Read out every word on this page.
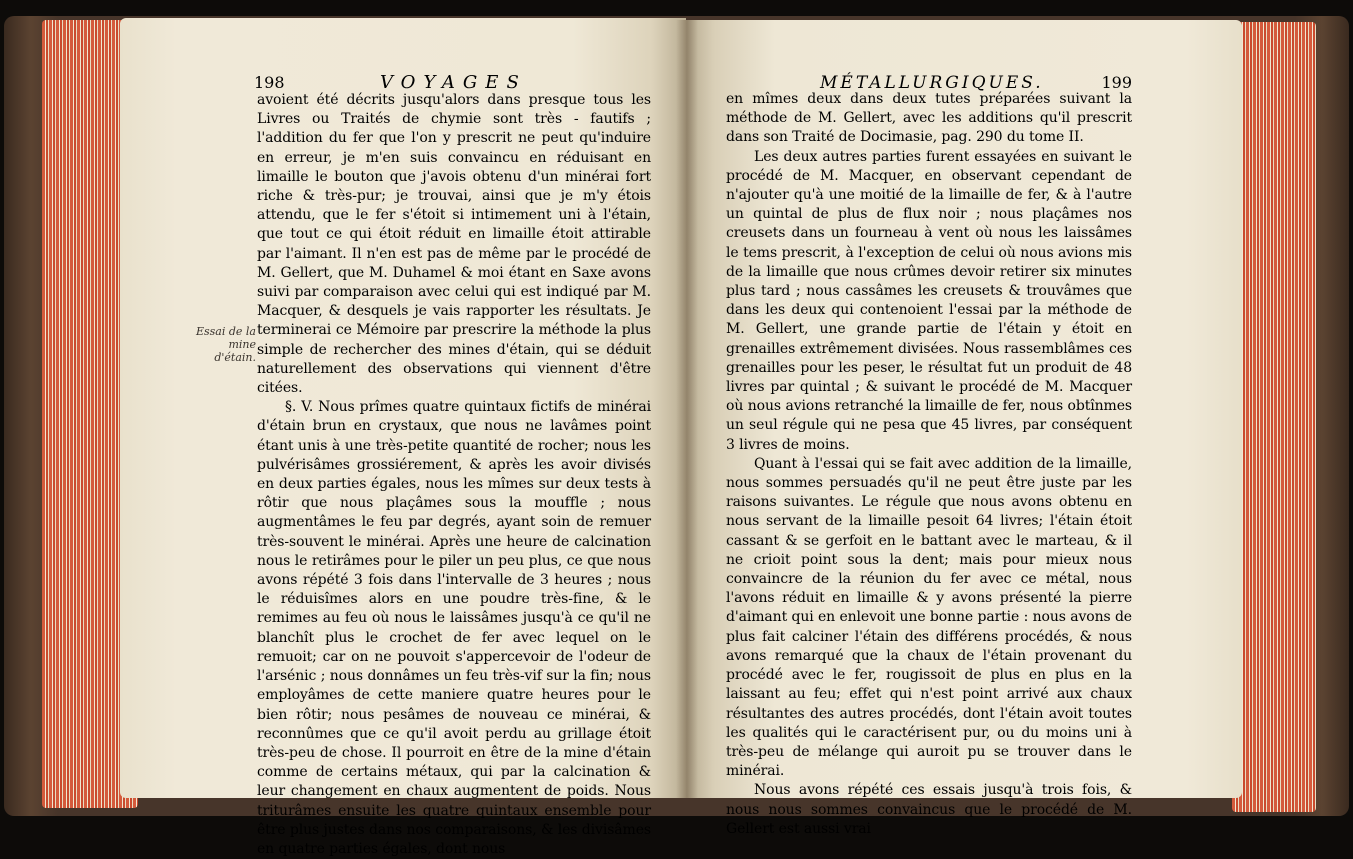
198	VOYAGES	MÉTALLURGIQUES.	199
Essai de la mine d'étain.

avoient été décrits jusqu'alors dans presque tous les Livres ou Traités de chymie sont très - fautifs ; l'addition du fer que l'on y prescrit ne peut qu'induire en erreur, je m'en suis convaincu en réduisant en limaille le bouton que j'avois obtenu d'un minérai fort riche & très-pur; je trouvai, ainsi que je m'y étois attendu, que le fer s'étoit si intimement uni à l'étain, que tout ce qui étoit réduit en limaille étoit attirable par l'aimant. Il n'en est pas de même par le procédé de M. Gellert, que M. Duhamel & moi étant en Saxe avons suivi par comparaison avec celui qui est indiqué par M. Macquer, & desquels je vais rapporter les résultats. Je terminerai ce Mémoire par prescrire la méthode la plus simple de rechercher des mines d'étain, qui se déduit naturellement des observations qui viennent d'être citées.

§. V. Nous prîmes quatre quintaux fictifs de minérai d'étain brun en crystaux, que nous ne lavâmes point étant unis à une très-petite quantité de rocher; nous les pulvérisâmes grossiérement, & après les avoir divisés en deux parties égales, nous les mîmes sur deux tests à rôtir que nous plaçâmes sous la mouffle ; nous augmentâmes le feu par degrés, ayant soin de remuer très-souvent le minérai. Après une heure de calcination nous le retirâmes pour le piler un peu plus, ce que nous avons répété 3 fois dans l'intervalle de 3 heures ; nous le réduisîmes alors en une poudre très-fine, & le remimes au feu où nous le laissâmes jusqu'à ce qu'il ne blanchît plus le crochet de fer avec lequel on le remuoit; car on ne pouvoit s'appercevoir de l'odeur de l'arsénic ; nous donnâmes un feu très-vif sur la fin; nous employâmes de cette maniere quatre heures pour le bien rôtir; nous pesâmes de nouveau ce minérai, & reconnûmes que ce qu'il avoit perdu au grillage étoit très-peu de chose. Il pourroit en être de la mine d'étain comme de certains métaux, qui par la calcination & leur changement en chaux augmentent de poids. Nous triturâmes ensuite les quatre quintaux ensemble pour être plus justes dans nos comparaisons, & les divisâmes en quatre parties égales, dont nous

en mîmes deux dans deux tutes préparées suivant la méthode de M. Gellert, avec les additions qu'il prescrit dans son Traité de Docimasie, pag. 290 du tome II.

Les deux autres parties furent essayées en suivant le procédé de M. Macquer, en observant cependant de n'ajouter qu'à une moitié de la limaille de fer, & à l'autre un quintal de plus de flux noir ; nous plaçâmes nos creusets dans un fourneau à vent où nous les laissâmes le tems prescrit, à l'exception de celui où nous avions mis de la limaille que nous crûmes devoir retirer six minutes plus tard ; nous cassâmes les creusets & trouvâmes que dans les deux qui contenoient l'essai par la méthode de M. Gellert, une grande partie de l'étain y étoit en grenailles extrêmement divisées. Nous rassemblâmes ces grenailles pour les peser, le résultat fut un produit de 48 livres par quintal ; & suivant le procédé de M. Macquer où nous avions retranché la limaille de fer, nous obtînmes un seul régule qui ne pesa que 45 livres, par conséquent 3 livres de moins.

Quant à l'essai qui se fait avec addition de la limaille, nous sommes persuadés qu'il ne peut être juste par les raisons suivantes. Le régule que nous avons obtenu en nous servant de la limaille pesoit 64 livres; l'étain étoit cassant & se gerfoit en le battant avec le marteau, & il ne crioit point sous la dent; mais pour mieux nous convaincre de la réunion du fer avec ce métal, nous l'avons réduit en limaille & y avons présenté la pierre d'aimant qui en enlevoit une bonne partie : nous avons de plus fait calciner l'étain des différens procédés, & nous avons remarqué que la chaux de l'étain provenant du procédé avec le fer, rougissoit de plus en plus en la laissant au feu; effet qui n'est point arrivé aux chaux résultantes des autres procédés, dont l'étain avoit toutes les qualités qui le caractérisent pur, ou du moins uni à très-peu de mélange qui auroit pu se trouver dans le minérai.

Nous avons répété ces essais jusqu'à trois fois, & nous nous sommes convaincus que le procédé de M. Gellert est aussi vrai
